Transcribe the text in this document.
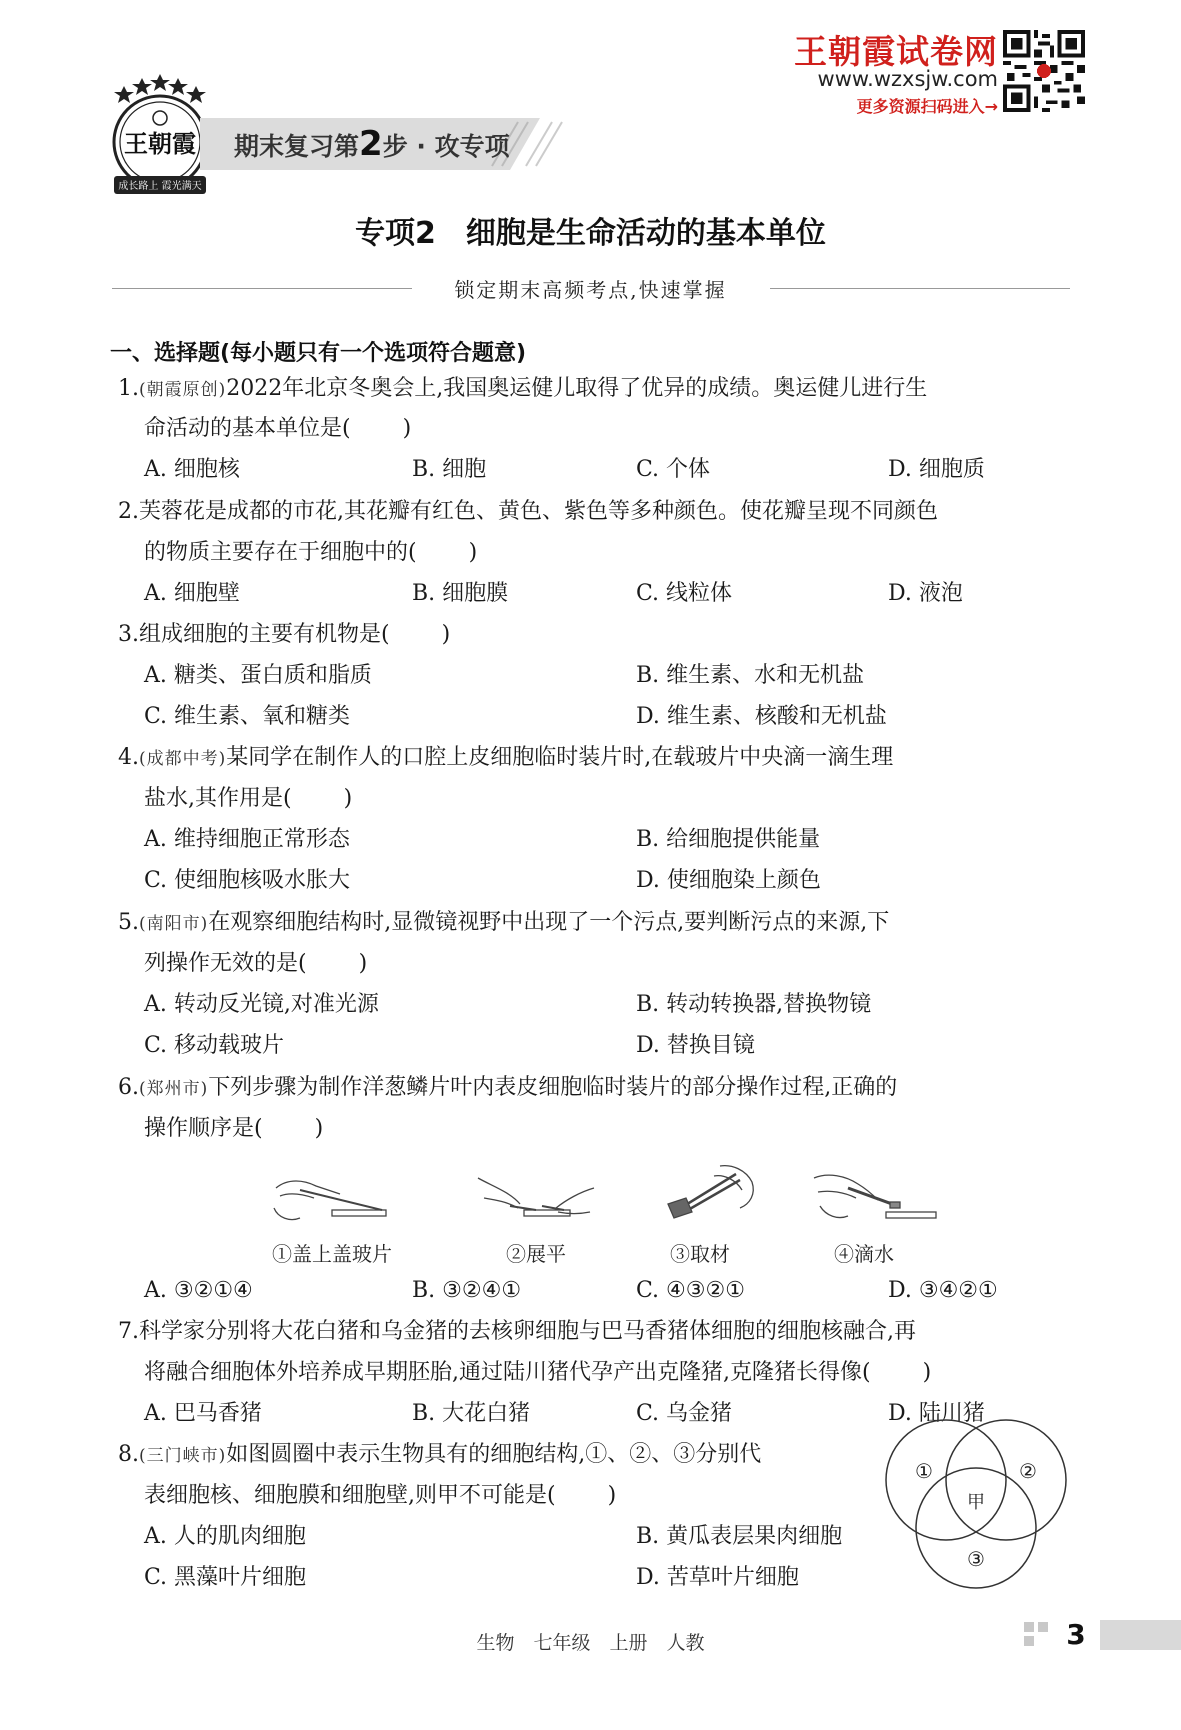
王朝霞
成长路上 霞光满天
期末复习第2步 · 攻专项
王朝霞试卷网
www.wzxsjw.com
更多资源扫码进入→
专项2　细胞是生命活动的基本单位
锁定期末高频考点,快速掌握
一、选择题(每小题只有一个选项符合题意)
1.(朝霞原创)2022年北京冬奥会上,我国奥运健儿取得了优异的成绩。奥运健儿进行生
命活动的基本单位是( )
A. 细胞核	B. 细胞	C. 个体	D. 细胞质
2.芙蓉花是成都的市花,其花瓣有红色、黄色、紫色等多种颜色。使花瓣呈现不同颜色
的物质主要存在于细胞中的( )
A. 细胞壁	B. 细胞膜	C. 线粒体	D. 液泡
3.组成细胞的主要有机物是( )
A. 糖类、蛋白质和脂质	B. 维生素、水和无机盐
C. 维生素、氧和糖类	D. 维生素、核酸和无机盐
4.(成都中考)某同学在制作人的口腔上皮细胞临时装片时,在载玻片中央滴一滴生理
盐水,其作用是( )
A. 维持细胞正常形态	B. 给细胞提供能量
C. 使细胞核吸水胀大	D. 使细胞染上颜色
5.(南阳市)在观察细胞结构时,显微镜视野中出现了一个污点,要判断污点的来源,下
列操作无效的是( )
A. 转动反光镜,对准光源	B. 转动转换器,替换物镜
C. 移动载玻片	D. 替换目镜
6.(郑州市)下列步骤为制作洋葱鳞片叶内表皮细胞临时装片的部分操作过程,正确的
操作顺序是( )
①盖上盖玻片	②展平	③取材	④滴水
A. ③②①④	B. ③②④①	C. ④③②①	D. ③④②①
7.科学家分别将大花白猪和乌金猪的去核卵细胞与巴马香猪体细胞的细胞核融合,再
将融合细胞体外培养成早期胚胎,通过陆川猪代孕产出克隆猪,克隆猪长得像( )
A. 巴马香猪	B. 大花白猪	C. 乌金猪	D. 陆川猪
8.(三门峡市)如图圆圈中表示生物具有的细胞结构,①、②、③分别代
表细胞核、细胞膜和细胞壁,则甲不可能是( )
A. 人的肌肉细胞	B. 黄瓜表层果肉细胞
C. 黑藻叶片细胞	D. 苦草叶片细胞
①	②
③
甲
生物　七年级　上册　人教	3
